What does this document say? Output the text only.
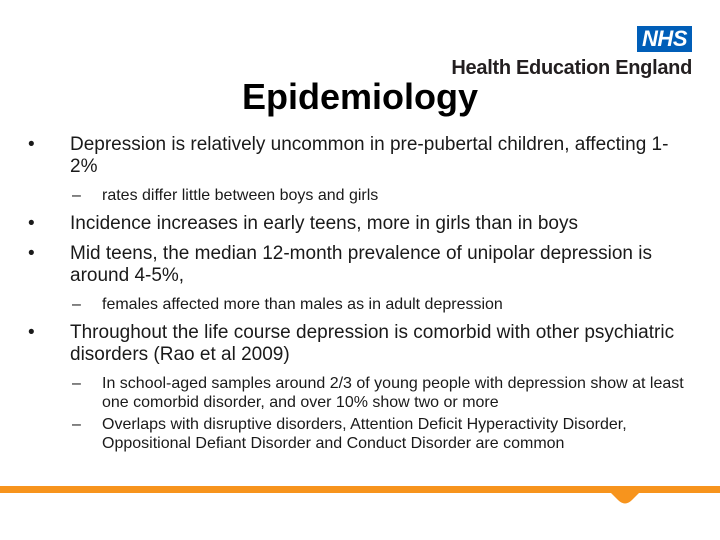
NHS
Health Education England
Epidemiology
•	Depression is relatively uncommon in pre-pubertal children, affecting 1- 2%
– rates differ little between boys and girls
•	Incidence increases in early teens, more in girls than in boys
•	Mid teens, the median 12-month prevalence of unipolar depression is around 4-5%,
– females affected more than males as in adult depression
•	Throughout the life course depression is comorbid with other psychiatric disorders (Rao et al 2009)
– In school-aged samples around 2/3 of young people with depression show at least one comorbid disorder, and over 10% show two or more
– Overlaps with disruptive disorders, Attention Deficit Hyperactivity Disorder, Oppositional Defiant Disorder and Conduct Disorder are common
